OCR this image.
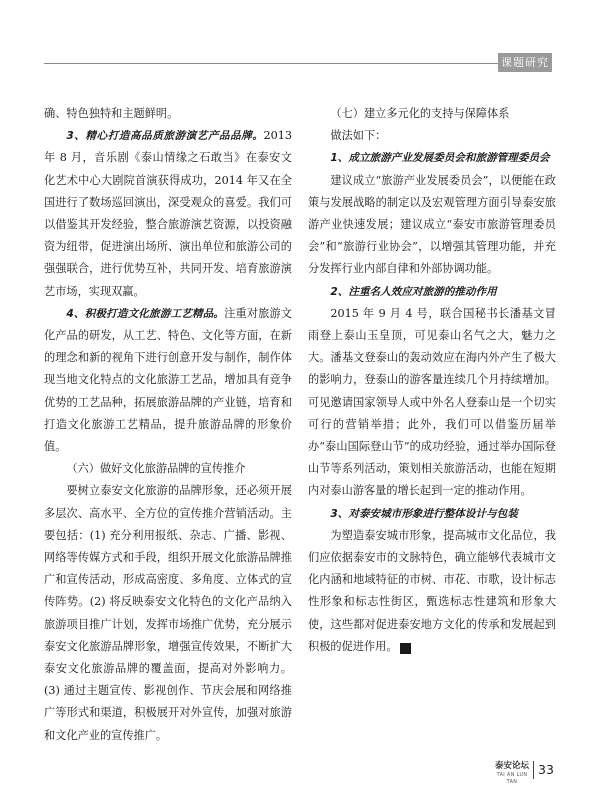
课题研究
确、特色独特和主题鲜明。
3、精心打造高品质旅游演艺产品品牌。2013 年 8 月，音乐剧《泰山情缘之石敢当》在泰安文化艺术中心大剧院首演获得成功，2014 年又在全国进行了数场巡回演出，深受观众的喜爱。我们可以借鉴其开发经验，整合旅游演艺资源，以投资融资为纽带，促进演出场所、演出单位和旅游公司的强强联合，进行优势互补，共同开发、培育旅游演艺市场，实现双赢。
4、积极打造文化旅游工艺精品。注重对旅游文化产品的研发，从工艺、特色、文化等方面，在新的理念和新的视角下进行创意开发与制作，制作体现当地文化特点的文化旅游工艺品，增加具有竞争优势的工艺品种，拓展旅游品牌的产业链，培育和打造文化旅游工艺精品，提升旅游品牌的形象价值。
（六）做好文化旅游品牌的宣传推介
要树立泰安文化旅游的品牌形象，还必须开展多层次、高水平、全方位的宣传推介营销活动。主要包括：(1) 充分利用报纸、杂志、广播、影视、网络等传媒方式和手段，组织开展文化旅游品牌推广和宣传活动，形成高密度、多角度、立体式的宣传阵势。(2) 将反映泰安文化特色的文化产品纳入旅游项目推广计划，发挥市场推广优势，充分展示泰安文化旅游品牌形象，增强宣传效果，不断扩大泰安文化旅游品牌的覆盖面，提高对外影响力。(3) 通过主题宣传、影视创作、节庆会展和网络推广等形式和渠道，积极展开对外宣传，加强对旅游和文化产业的宣传推广。
（七）建立多元化的支持与保障体系
做法如下：
1、成立旅游产业发展委员会和旅游管理委员会
建议成立“旅游产业发展委员会”，以便能在政策与发展战略的制定以及宏观管理方面引导泰安旅游产业快速发展；建议成立“泰安市旅游管理委员会”和“旅游行业协会”，以增强其管理功能，并充分发挥行业内部自律和外部协调功能。
2、注重名人效应对旅游的推动作用
2015 年 9 月 4 号，联合国秘书长潘基文冒雨登上泰山玉皇顶，可见泰山名气之大，魅力之大。潘基文登泰山的轰动效应在海内外产生了极大的影响力，登泰山的游客量连续几个月持续增加。可见邀请国家领导人或中外名人登泰山是一个切实可行的营销举措；此外，我们可以借鉴历届举办“泰山国际登山节”的成功经验，通过举办国际登山节等系列活动，策划相关旅游活动，也能在短期内对泰山游客量的增长起到一定的推动作用。
3、对泰安城市形象进行整体设计与包装
为塑造泰安城市形象，提高城市文化品位，我们应依据泰安市的文脉特色，确立能够代表城市文化内涵和地域特征的市树、市花、市歌，设计标志性形象和标志性街区，甄选标志性建筑和形象大使，这些都对促进泰安地方文化的传承和发展起到积极的促进作用。	◙
泰安论坛
TAI AN LUN TAN
33
